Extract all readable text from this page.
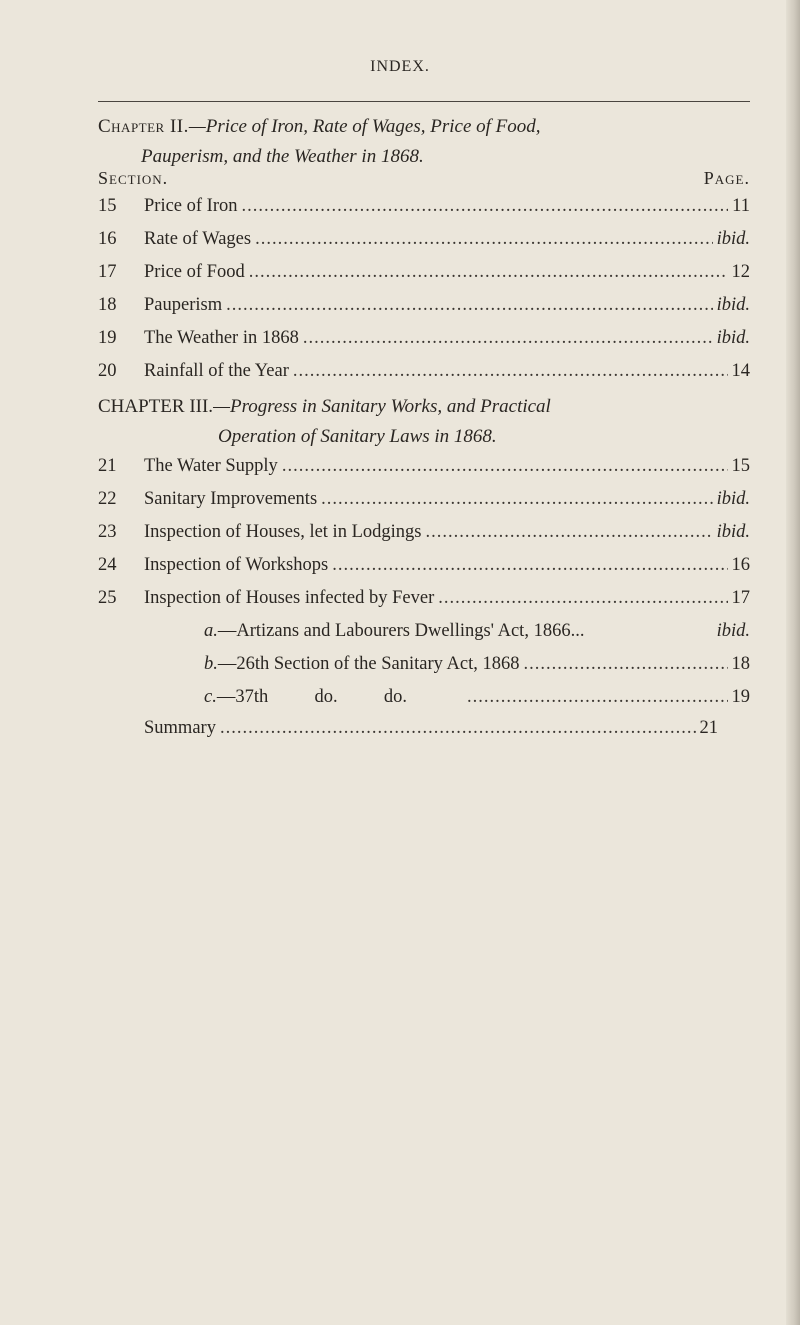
INDEX.
Chapter II.—Price of Iron, Rate of Wages, Price of Food,
Pauperism, and the Weather in 1868.
Section.	Page.
15	Price of Iron .....	11
16	Rate of Wages .....	ibid.
17	Price of Food .....	12
18	Pauperism .....	ibid.
19	The Weather in 1868 .....	ibid.
20	Rainfall of the Year .....	14
CHAPTER III.—Progress in Sanitary Works, and Practical
Operation of Sanitary Laws in 1868.
21	The Water Supply .....	15
22	Sanitary Improvements .....	ibid.
23	Inspection of Houses, let in Lodgings .....	ibid.
24	Inspection of Workshops .....	16
25	Inspection of Houses infected by Fever .....	17
a. —Artizans and Labourers Dwellings' Act, 1866...	ibid.
b. —26th Section of the Sanitary Act, 1868 .....	18
c. —37th          do.          do. .....	19
Summary .....	21
